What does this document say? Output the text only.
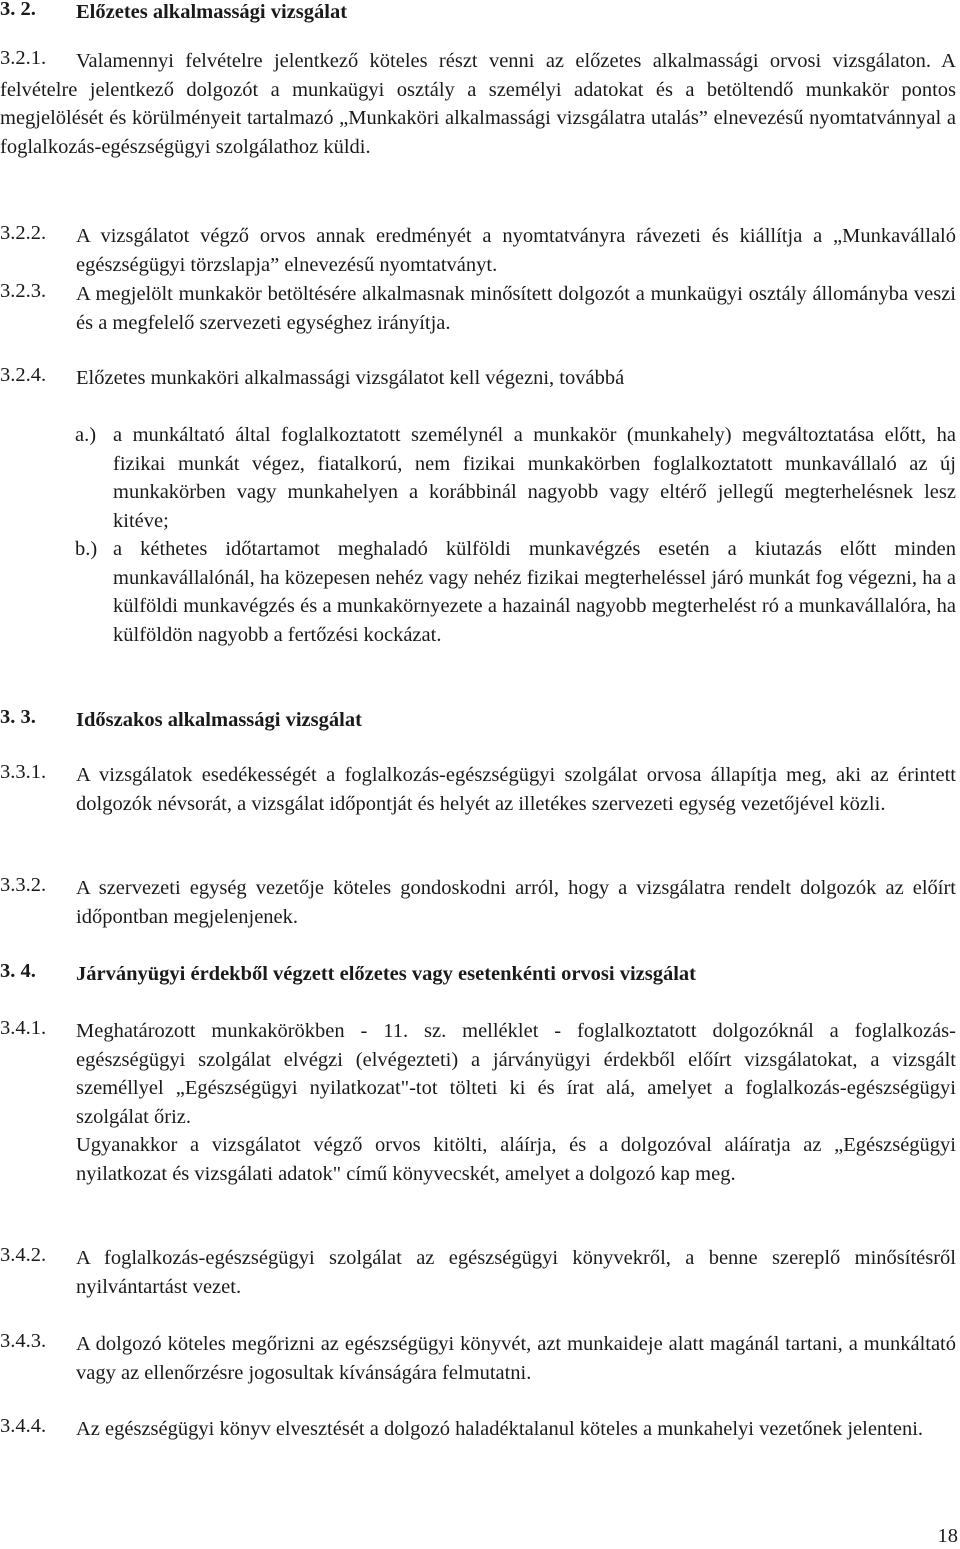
3. 2. Előzetes alkalmassági vizsgálat
3.2.1.	Valamennyi felvételre jelentkező köteles részt venni az előzetes alkalmassági orvosi vizsgálaton. A felvételre jelentkező dolgozót a munkaügyi osztály a személyi adatokat és a betöltendő munkakör pontos megjelölését és körülményeit tartalmazó „Munkaköri alkalmassági vizsgálatra utalás” elnevezésű nyomtatvánnyal a foglalkozás-egészségügyi szolgálathoz küldi.
3.2.2. A vizsgálatot végző orvos annak eredményét a nyomtatványra rávezeti és kiállítja a „Munkavállaló egészségügyi törzslapja” elnevezésű nyomtatványt.
3.2.3. A megjelölt munkakör betöltésére alkalmasnak minősített dolgozót a munkaügyi osztály állományba veszi és a megfelelő szervezeti egységhez irányítja.
3.2.4. Előzetes munkaköri alkalmassági vizsgálatot kell végezni, továbbá
a.) a munkáltató által foglalkoztatott személynél a munkakör (munkahely) megváltoztatása előtt, ha fizikai munkát végez, fiatalkorú, nem fizikai munkakörben foglalkoztatott munkavállaló az új munkakörben vagy munkahelyen a korábbinál nagyobb vagy eltérő jellegű megterhelésnek lesz kitéve;
b.) a kéthetes időtartamot meghaladó külföldi munkavégzés esetén a kiutazás előtt minden munkavállalónál, ha közepesen nehéz vagy nehéz fizikai megterheléssel járó munkát fog végezni, ha a külföldi munkavégzés és a munkakörnyezete a hazainál nagyobb megterhelést ró a munkavállalóra, ha külföldön nagyobb a fertőzési kockázat.
3. 3. Időszakos alkalmassági vizsgálat
3.3.1. A vizsgálatok esedékességét a foglalkozás-egészségügyi szolgálat orvosa állapítja meg, aki az érintett dolgozók névsorát, a vizsgálat időpontját és helyét az illetékes szervezeti egység vezetőjével közli.
3.3.2. A szervezeti egység vezetője köteles gondoskodni arról, hogy a vizsgálatra rendelt dolgozók az előírt időpontban megjelenjenek.
3. 4. Járványügyi érdekből végzett előzetes vagy esetenkénti orvosi vizsgálat
3.4.1. Meghatározott munkakörökben - 11. sz. melléklet - foglalkoztatott dolgozóknál a foglalkozás-egészségügyi szolgálat elvégzi (elvégezteti) a járványügyi érdekből előírt vizsgálatokat, a vizsgált személlyel „Egészségügyi nyilatkozat"-tot tölteti ki és írat alá, amelyet a foglalkozás-egészségügyi szolgálat őriz.
Ugyanakkor a vizsgálatot végző orvos kitölti, aláírja, és a dolgozóval aláíratja az „Egészségügyi nyilatkozat és vizsgálati adatok" című könyvecskét, amelyet a dolgozó kap meg.
3.4.2. A foglalkozás-egészségügyi szolgálat az egészségügyi könyvekről, a benne szereplő minősítésről nyilvántartást vezet.
3.4.3. A dolgozó köteles megőrizni az egészségügyi könyvét, azt munkaideje alatt magánál tartani, a munkáltató vagy az ellenőrzésre jogosultak kívánságára felmutatni.
3.4.4. Az egészségügyi könyv elvesztését a dolgozó haladéktalanul köteles a munkahelyi vezetőnek jelenteni.
18
